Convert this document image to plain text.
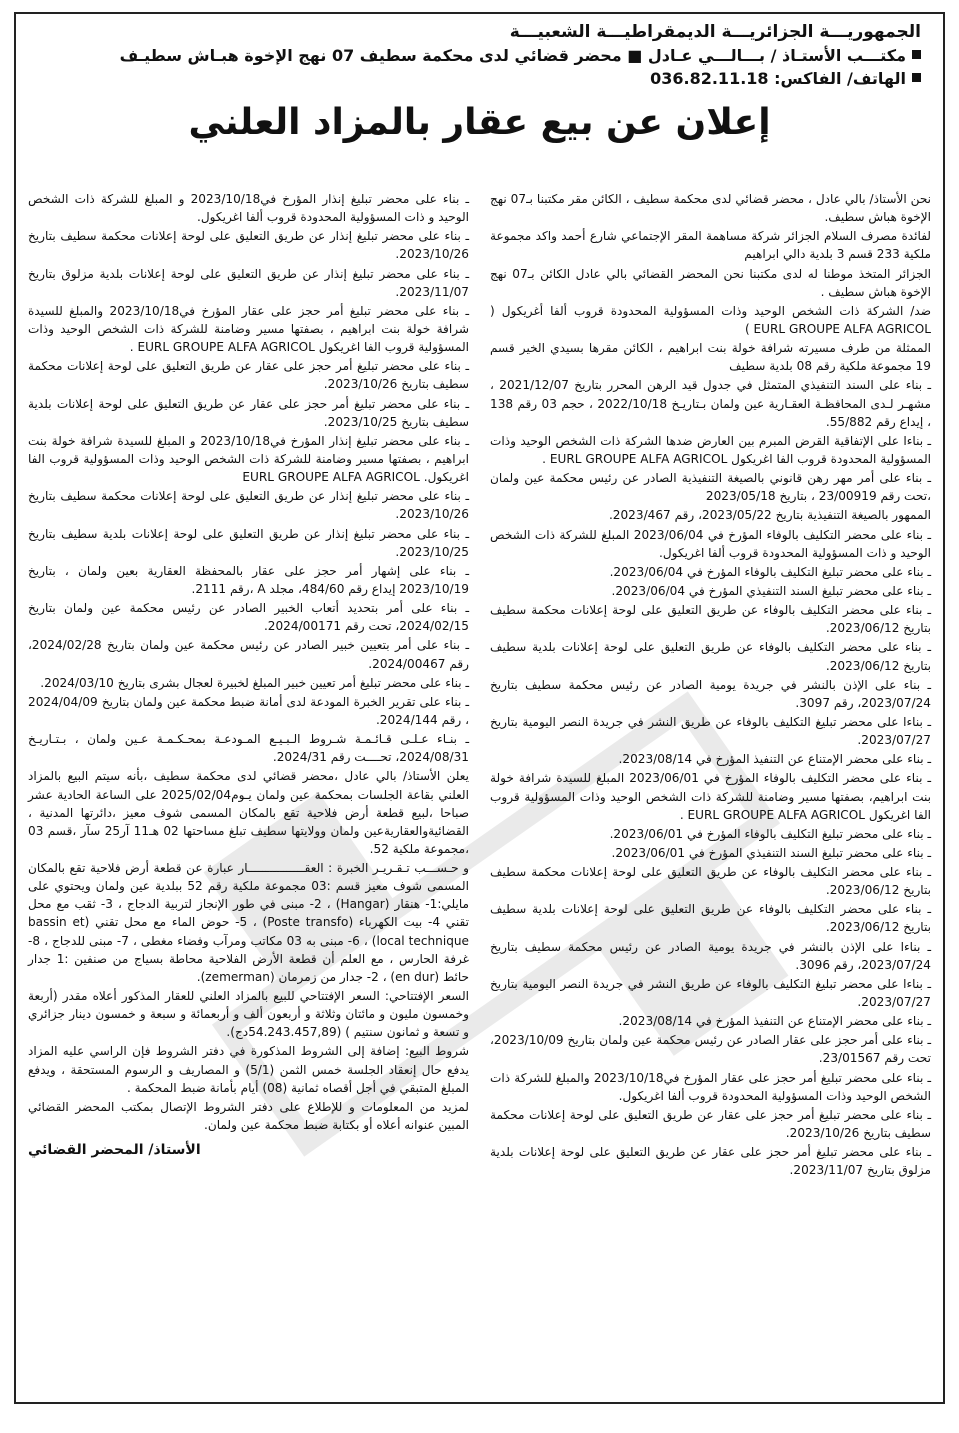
الجمهوريـــة الجزائريـــة الديمقراطيـــة الشعبيـــة

مكتـــب الأستـاذ / بـــالـــي عـادل ■ محضر قضائي لدى محكمة سطيف 07 نهج الإخوة هبـاش سطيـف

الهاتف/ الفاكس: 036.82.11.18

إعلان عن بيع عقار بالمزاد العلني

نحن الأستاذ/ بالي عادل ، محضر قضائي لدى محكمة سطيف ، الكائن مقر مكتبنا بـ07 نهج الإخوة هباش سطيف.

لفائدة مصرف السلام الجزائر شركة مساهمة المقر الإجتماعي شارع أحمد واكد مجموعة ملكية 233 قسم 3 بلدية دالي ابراهيم

الجزائر المتخذ موطنا له لدى مكتبنا نحن المحضر القضائي بالي عادل الكائن بـ07 نهج الإخوة هباش سطيف .

ضد/ الشركة ذات الشخص الوحيد وذات المسؤولية المحدودة قروب ألفا أغريكول ( EURL GROUPE ALFA AGRICOL )

الممثلة من طرف مسيرته شرافة خولة بنت ابراهيم ، الكائن مقرها بسيدي الخير قسم 19 مجموعة ملكية رقم 08 بلدية سطيف

ـ بناء على السند التنفيذي المتمثل في جدول قيد الرهن المحرر بتاريخ 2021/12/07 ، مشهـر لـدى المحافظـة العقـارية عين ولمان بـتاريـخ 2022/10/18 ، حجم 03 رقم 138 ، إيداع رقم 55/882.

ـ بناءا على الإتفاقية القرض المبرم بين العارض ضدها الشركة ذات الشخص الوحيد وذات المسؤولية المحدودة قروب الفا اغريكول EURL GROUPE ALFA AGRICOL .

ـ بناء على أمر مهر رهن قانوني بالصيغة التنفيذية الصادر عن رئيس محكمة عين ولمان ،تحت رقم 23/00919 ، بتاريخ 2023/05/18

الممهور بالصيغة التنفيذية بتاريخ 2023/05/22، رقم 2023/467.

ـ بناء على محضر التكليف بالوفاء المؤرخ في 2023/06/04 المبلغ للشركة ذات الشخص الوحيد و ذات المسؤولية المحدودة قروب ألفا اغريكول.

ـ بناء على محضر تبليغ التكليف بالوفاء المؤرخ في 2023/06/04.

ـ بناء على محضر تبليغ السند التنفيذي المؤرخ في 2023/06/04.

ـ بناء على محضر التكليف بالوفاء عن طريق التعليق على لوحة إعلانات محكمة سطيف بتاريخ 2023/06/12.

ـ بناء على محضر التكليف بالوفاء عن طريق التعليق على لوحة إعلانات بلدية سطيف بتاريخ 2023/06/12.

ـ بناء على الإذن بالنشر في جريدة يومية الصادر عن رئيس محكمة سطيف بتاريخ 2023/07/24، رقم 3097.

ـ بناءا على محضر تبليغ التكليف بالوفاء عن طريق النشر في جريدة النصر اليومية بتاريخ 2023/07/27.

ـ بناء على محضر الإمتناع عن التنفيذ المؤرخ في 2023/08/14.

ـ بناء على محضر التكليف بالوفاء المؤرخ في 2023/06/01 المبلغ للسيدة شرافة خولة بنت ابراهيم، بصفتها مسير وضامنة للشركة ذات الشخص الوحيد وذات المسؤولية قروب الفا اغريكول EURL GROUPE ALFA AGRICOL .

ـ بناء على محضر تبليغ التكليف بالوفاء المؤرخ في 2023/06/01.

ـ بناء على محضر تبليغ السند التنفيذي المؤرخ في 2023/06/01.

ـ بناء على محضر التكليف بالوفاء عن طريق التعليق على لوحة إعلانات محكمة سطيف بتاريخ 2023/06/12.

ـ بناء على محضر التكليف بالوفاء عن طريق التعليق على لوحة إعلانات بلدية سطيف بتاريخ 2023/06/12.

ـ بناءا على الإذن بالنشر في جريدة يومية الصادر عن رئيس محكمة سطيف بتاريخ 2023/07/24، رقم 3096.

ـ بناءا على محضر تبليغ التكليف بالوفاء عن طريق النشر في جريدة النصر اليومية بتاريخ 2023/07/27.

ـ بناء على محضر الإمتناع عن التنفيذ المؤرخ في 2023/08/14.

ـ بناء على أمر حجز على عقار الصادر عن رئيس محكمة عين ولمان بتاريخ 2023/10/09، تحت رقم 23/01567.

ـ بناء على محضر تبليغ أمر حجز على عقار المؤرخ في2023/10/18 والمبلغ للشركة ذات الشخص الوحيد وذات المسؤولية المحدودة قروب ألفا اغريكول.

ـ بناء على محضر تبليغ أمر حجز على عقار عن طريق التعليق على لوحة إعلانات محكمة سطيف بتاريخ 2023/10/26.

ـ بناء على محضر تبليغ أمر حجز على عقار عن طريق التعليق على لوحة إعلانات بلدية مزلوق بتاريخ 2023/11/07.

ـ بناء على محضر تبليغ إنذار المؤرخ في2023/10/18 و المبلغ للشركة ذات الشخص الوحيد و ذات المسؤولية المحدودة قروب ألفا اغريكول.

ـ بناء على محضر تبليغ إنذار عن طريق التعليق على لوحة إعلانات محكمة سطيف بتاريخ 2023/10/26.

ـ بناء على محضر تبليغ إنذار عن طريق التعليق على لوحة إعلانات بلدية مزلوق بتاريخ 2023/11/07.

ـ بناء على محضر تبليغ أمر حجز على عقار المؤرخ في2023/10/18 والمبلغ للسيدة شرافة خولة بنت ابراهيم ، بصفتها مسير وضامنة للشركة ذات الشخص الوحيد وذات المسؤولية قروب الفا اغريكول EURL GROUPE ALFA AGRICOL .

ـ بناء على محضر تبليغ أمر حجز على عقار عن طريق التعليق على لوحة إعلانات محكمة سطيف بتاريخ 2023/10/26.

ـ بناء على محضر تبليغ أمر حجز على عقار عن طريق التعليق على لوحة إعلانات بلدية سطيف بتاريخ 2023/10/25.

ـ بناء على محضر تبليغ إنذار المؤرخ في2023/10/18 و المبلغ للسيدة شرافة خولة بنت ابراهيم ، بصفتها مسير وضامنة للشركة ذات الشخص الوحيد وذات المسؤولية قروب الفا اغريكول. EURL GROUPE ALFA AGRICOL

ـ بناء على محضر تبليغ إنذار عن طريق التعليق على لوحة إعلانات محكمة سطيف بتاريخ 2023/10/26.

ـ بناء على محضر تبليغ إنذار عن طريق التعليق على لوحة إعلانات بلدية سطيف بتاريخ 2023/10/25.

ـ بناء على إشهار أمر حجز على عقار بالمحفظة العقارية بعين ولمان ، بتاريخ 2023/10/19 إيداع رقم 484/60، مجلد A ،رقم 2111.

ـ بناء على أمر بتحديد أتعاب الخبير الصادر عن رئيس محكمة عين ولمان بتاريخ 2024/02/15، تحت رقم 2024/00171.

ـ بناء على أمر بتعيين خبير الصادر عن رئيس محكمة عين ولمان بتاريخ 2024/02/28، رقم 2024/00467.

ـ بناء على محضر تبليغ أمر تعيين خبير المبلغ لخبيرة لعجال بشرى بتاريخ 2024/03/10.

ـ بناء على تقرير الخبرة المودعة لدى أمانة ضبط محكمة عين ولمان بتاريخ 2024/04/09 ، رقم 2024/144.

ـ بنـاء عـلـى قـائـمـة شـروط الـبـيـع المـودعـة بمحـكـمـة عـين ولمان ، بـتـاريـخ 2024/08/31، تحــــت رقم 2024/31.

يعلن الأستاذ/ بالي عادل ،محضر قضائي لدى محكمة سطيف ،بأنه سيتم البيع بالمزاد العلني بقاعة الجلسات بمحكمة عين ولمان يـوم2025/02/04 على الساعة الحادية عشر صباحا ،لبيع قطعة أرض فلاحية تقع بالمكان المسمى شوف معيز ،دائرتها المدنية ، القضائيةوالعقاريةعين ولمان وولايتها سطيف تبلغ مساحتها 02 هـ11 آر25 سآر ،قسم 03 ،مجموعة ملكية 52.

و حـســـب تـقـريـر الخبرة : العقــــــــــــــــار عبارة عن قطعة أرض فلاحية تقع بالمكان المسمى شوف معيز قسم :03 مجموعة ملكية رقم 52 ببلدية عين ولمان ويحتوي على مايلي:1- هنقار (Hangar) ، 2- مبنى في طور الإنجاز لتربية الدجاج ، 3- ثقب مع محل تقني 4- بيت الكهرباء (Poste transfo) ، 5- حوض الماء مع محل تقني (bassin et local technique) ، 6- مبنى به 03 مكاتب ومرآب وفضاء مغطى ، 7- مبنى للدجاج ، 8- غرفة الحارس ، مع العلم أن قطعة الأرض الفلاحية محاطة بسياج من صنفين :1 جدار حائط (en dur) ، 2- جدار من زمرمان (zemerman).

السعر الإفتتاحي: السعر الإفتتاحي للبيع بالمزاد العلني للعقار المذكور أعلاه مقدر (أربعة وخمسون مليون و مائتان وثلاثة و أربعون ألف و أربعمائة و سبعة و خمسون دينار جزائري و تسعة و ثمانون سنتيم ) (54.243.457,89دج).

شروط البيع: إضافة إلى الشروط المذكورة في دفتر الشروط فإن الراسي عليه المزاد يدفع حال إنعقاد الجلسة خمس الثمن (5/1) و المصاريف و الرسوم المستحقة ، ويدفع المبلغ المتبقي في أجل أقصاه ثمانية (08) أيام بأمانة ضبط المحكمة .

لمزيد من المعلومات و للإطلاع على دفتر الشروط الإتصال بمكتب المحضر القضائي المبين عنوانه أعلاه أو بكتابة ضبط محكمة عين ولمان.

الأستاذ/ المحضر القضائي
